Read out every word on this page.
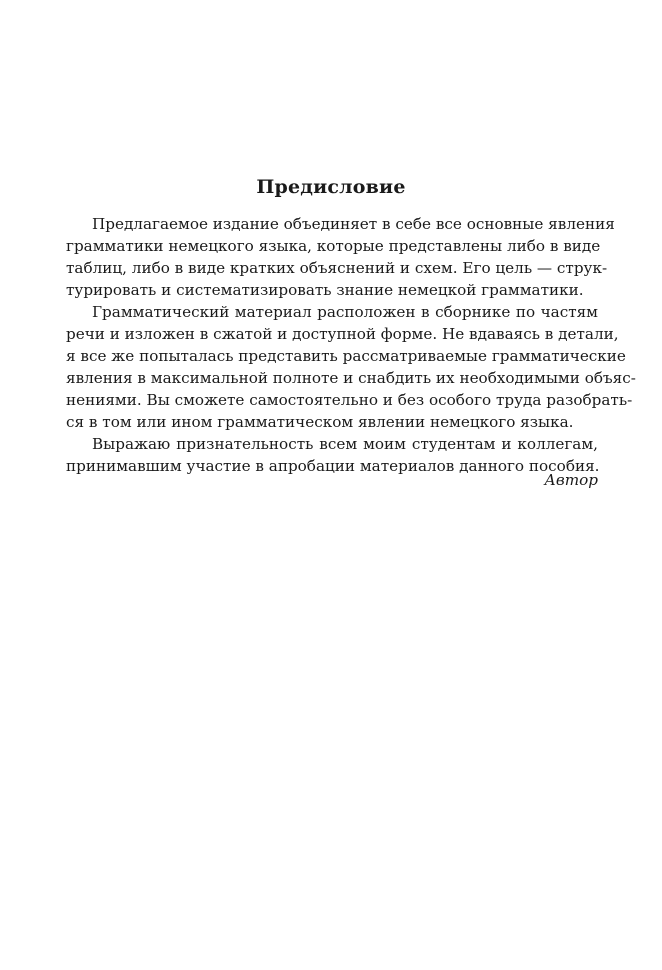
Предисловие
Предлагаемое издание объединяет в себе все основные явления
грамматики немецкого языка, которые представлены либо в виде
таблиц, либо в виде кратких объяснений и схем. Его цель — струк-
турировать и систематизировать знание немецкой грамматики.
Грамматический материал расположен в сборнике по частям
речи и изложен в сжатой и доступной форме. Не вдаваясь в детали,
я все же попыталась представить рассматриваемые грамматические
явления в максимальной полноте и снабдить их необходимыми объяс-
нениями. Вы сможете самостоятельно и без особого труда разобрать-
ся в том или ином грамматическом явлении немецкого языка.
Выражаю признательность всем моим студентам и коллегам,
принимавшим участие в апробации материалов данного пособия.
Автор
